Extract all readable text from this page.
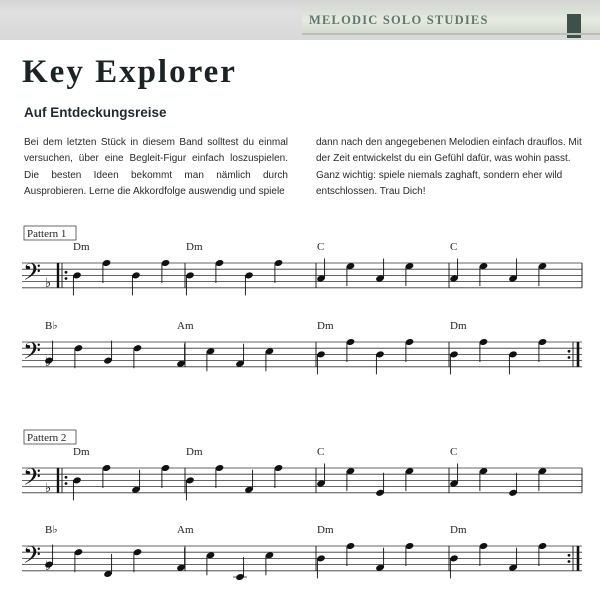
MELODIC SOLO STUDIES
Key Explorer
Auf Entdeckungsreise

Bei dem letzten Stück in diesem Band solltest du einmal versuchen, über eine Begleit-Figur einfach loszuspielen. Die besten Ideen bekommt man nämlich durch Ausprobieren. Lerne die Akkordfolge auswendig und spiele

dann nach den angegebenen Melodien einfach drauflos. Mit der Zeit entwickelst du ein Gefühl dafür, was wohin passt. Ganz wichtig: spiele niemals zaghaft, sondern eher wild entschlossen. Trau Dich!

Pattern 1
𝄢 ♭
Dm	Dm	C	C
𝄢
B♭	Am	Dm	Dm
Pattern 2
𝄢 ♭
Dm	Dm	C	C
𝄢
B♭	Am	Dm	Dm
